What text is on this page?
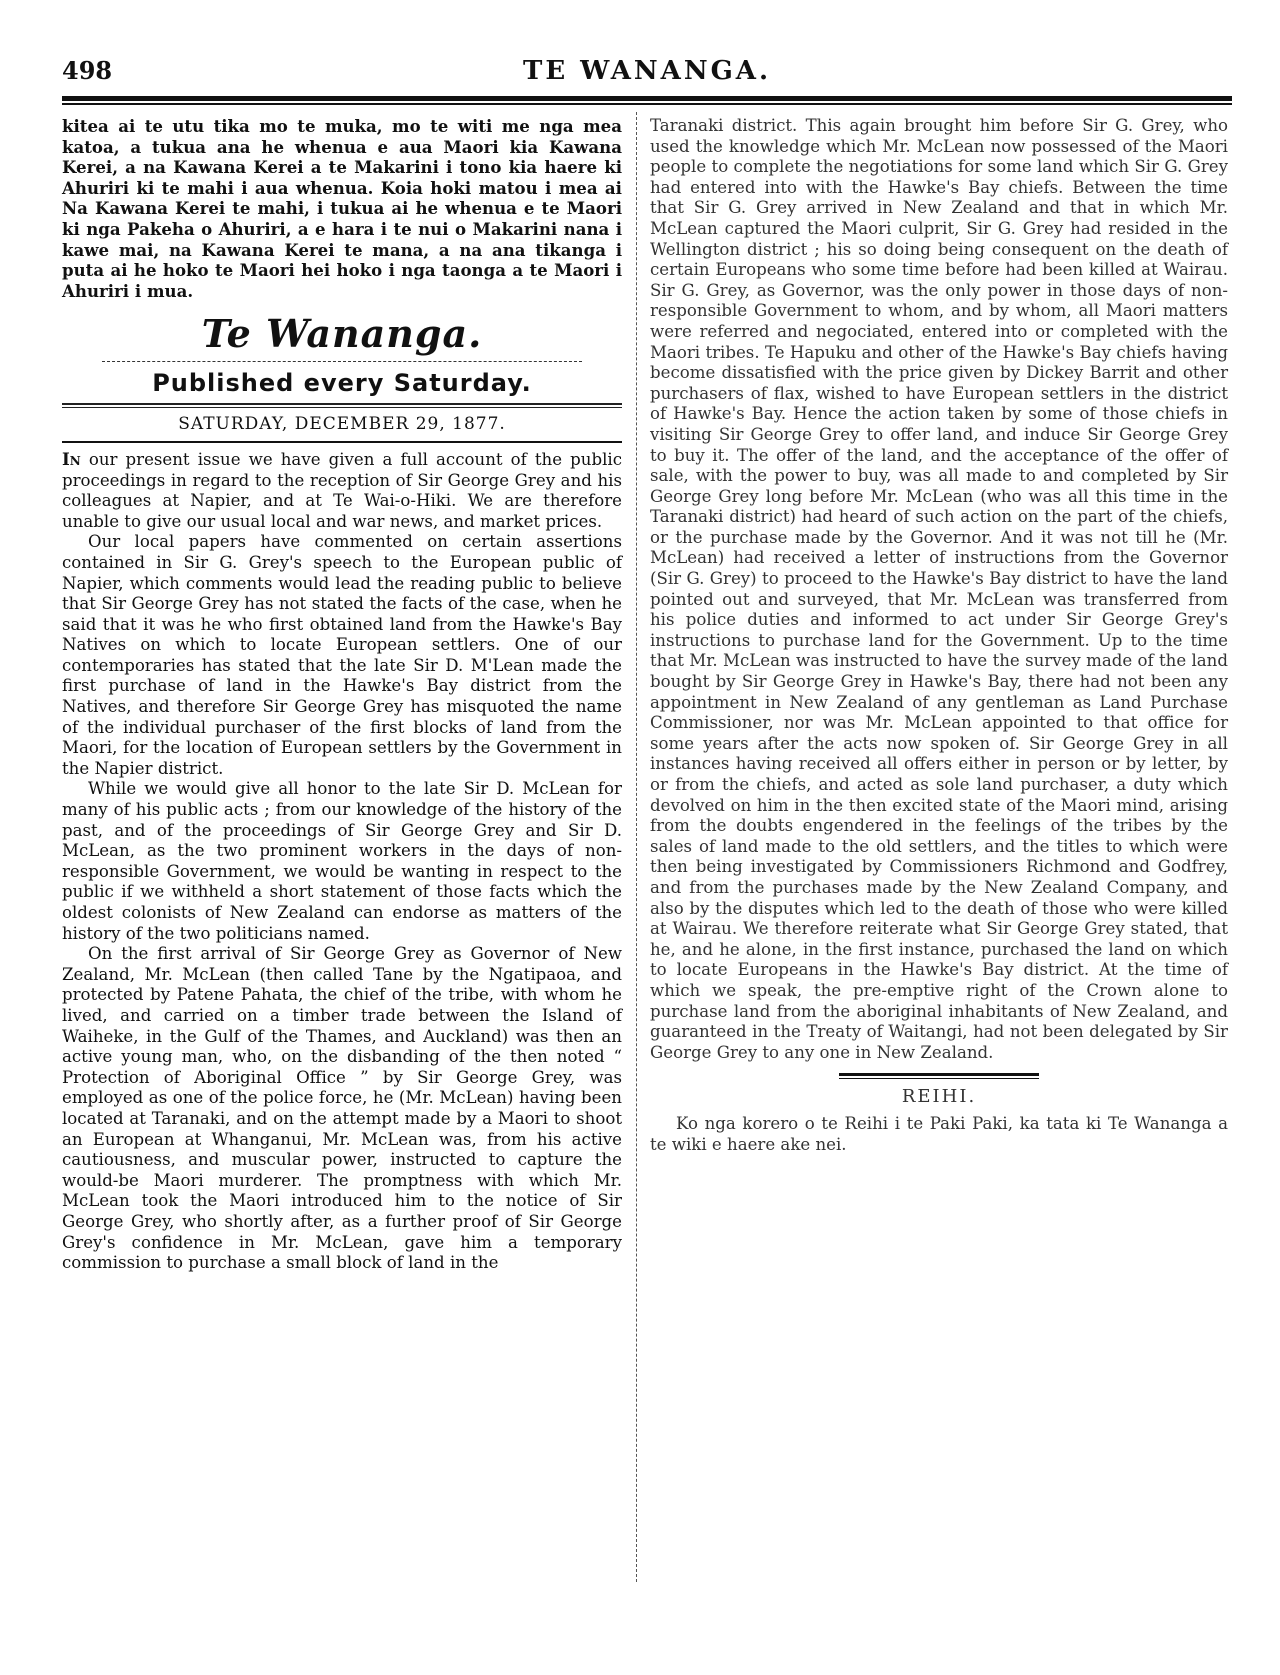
498	TE WANANGA.

kitea ai te utu tika mo te muka, mo te witi me nga mea katoa, a tukua ana he whenua e aua Maori kia Kawana Kerei, a na Kawana Kerei a te Makarini i tono kia haere ki Ahuriri ki te mahi i aua whenua. Koia hoki matou i mea ai Na Kawana Kerei te mahi, i tukua ai he whenua e te Maori ki nga Pakeha o Ahuriri, a e hara i te nui o Makarini nana i kawe mai, na Kawana Kerei te mana, a na ana tikanga i puta ai he hoko te Maori hei hoko i nga taonga a te Maori i Ahuriri i mua.

Te Wananga.
Published every Saturday.
SATURDAY, DECEMBER 29, 1877.

In our present issue we have given a full account of the public proceedings in regard to the reception of Sir George Grey and his colleagues at Napier, and at Te Wai-o-Hiki. We are therefore unable to give our usual local and war news, and market prices.

Our local papers have commented on certain assertions contained in Sir G. Grey's speech to the European public of Napier, which comments would lead the reading public to believe that Sir George Grey has not stated the facts of the case, when he said that it was he who first obtained land from the Hawke's Bay Natives on which to locate European settlers. One of our contemporaries has stated that the late Sir D. M'Lean made the first purchase of land in the Hawke's Bay district from the Natives, and therefore Sir George Grey has misquoted the name of the individual purchaser of the first blocks of land from the Maori, for the location of European settlers by the Government in the Napier district.

While we would give all honor to the late Sir D. McLean for many of his public acts ; from our knowledge of the history of the past, and of the proceedings of Sir George Grey and Sir D. McLean, as the two prominent workers in the days of non-responsible Government, we would be wanting in respect to the public if we withheld a short statement of those facts which the oldest colonists of New Zealand can endorse as matters of the history of the two politicians named.

On the first arrival of Sir George Grey as Governor of New Zealand, Mr. McLean (then called Tane by the Ngatipaoa, and protected by Patene Pahata, the chief of the tribe, with whom he lived, and carried on a timber trade between the Island of Waiheke, in the Gulf of the Thames, and Auckland) was then an active young man, who, on the disbanding of the then noted “ Protection of Aboriginal Office ” by Sir George Grey, was employed as one of the police force, he (Mr. McLean) having been located at Taranaki, and on the attempt made by a Maori to shoot an European at Whanganui, Mr. McLean was, from his active cautiousness, and muscular power, instructed to capture the would-be Maori murderer. The promptness with which Mr. McLean took the Maori introduced him to the notice of Sir George Grey, who shortly after, as a further proof of Sir George Grey's confidence in Mr. McLean, gave him a temporary commission to purchase a small block of land in the

Taranaki district. This again brought him before Sir G. Grey, who used the knowledge which Mr. McLean now possessed of the Maori people to complete the negotiations for some land which Sir G. Grey had entered into with the Hawke's Bay chiefs. Between the time that Sir G. Grey arrived in New Zealand and that in which Mr. McLean captured the Maori culprit, Sir G. Grey had resided in the Wellington district ; his so doing being consequent on the death of certain Europeans who some time before had been killed at Wairau. Sir G. Grey, as Governor, was the only power in those days of non-responsible Government to whom, and by whom, all Maori matters were referred and negociated, entered into or completed with the Maori tribes. Te Hapuku and other of the Hawke's Bay chiefs having become dissatisfied with the price given by Dickey Barrit and other purchasers of flax, wished to have European settlers in the district of Hawke's Bay. Hence the action taken by some of those chiefs in visiting Sir George Grey to offer land, and induce Sir George Grey to buy it. The offer of the land, and the acceptance of the offer of sale, with the power to buy, was all made to and completed by Sir George Grey long before Mr. McLean (who was all this time in the Taranaki district) had heard of such action on the part of the chiefs, or the purchase made by the Governor. And it was not till he (Mr. McLean) had received a letter of instructions from the Governor (Sir G. Grey) to proceed to the Hawke's Bay district to have the land pointed out and surveyed, that Mr. McLean was transferred from his police duties and informed to act under Sir George Grey's instructions to purchase land for the Government. Up to the time that Mr. McLean was instructed to have the survey made of the land bought by Sir George Grey in Hawke's Bay, there had not been any appointment in New Zealand of any gentleman as Land Purchase Commissioner, nor was Mr. McLean appointed to that office for some years after the acts now spoken of. Sir George Grey in all instances having received all offers either in person or by letter, by or from the chiefs, and acted as sole land purchaser, a duty which devolved on him in the then excited state of the Maori mind, arising from the doubts engendered in the feelings of the tribes by the sales of land made to the old settlers, and the titles to which were then being investigated by Commissioners Richmond and Godfrey, and from the purchases made by the New Zealand Company, and also by the disputes which led to the death of those who were killed at Wairau. We therefore reiterate what Sir George Grey stated, that he, and he alone, in the first instance, purchased the land on which to locate Europeans in the Hawke's Bay district. At the time of which we speak, the pre-emptive right of the Crown alone to purchase land from the aboriginal inhabitants of New Zealand, and guaranteed in the Treaty of Waitangi, had not been delegated by Sir George Grey to any one in New Zealand.

REIHI.

Ko nga korero o te Reihi i te Paki Paki, ka tata ki Te Wananga a te wiki e haere ake nei.
